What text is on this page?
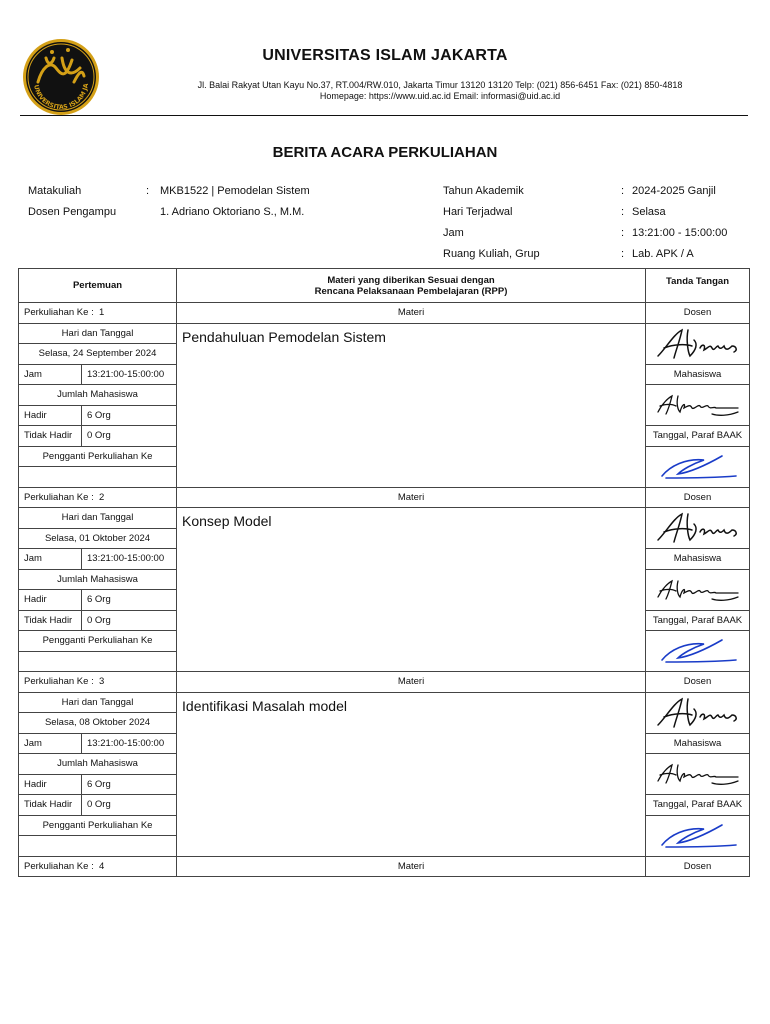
UNIVERSITAS ISLAM JA
UNIVERSITAS ISLAM JAKARTA
Jl. Balai Rakyat Utan Kayu No.37, RT.004/RW.010, Jakarta Timur 13120 13120 Telp: (021) 856-6451 Fax: (021) 850-4818
Homepage: https://www.uid.ac.id Email: informasi@uid.ac.id
BERITA ACARA PERKULIAHAN
Matakuliah	: MKB1522 | Pemodelan Sistem
Dosen Pengampu	1. Adriano Oktoriano S., M.M.
Tahun Akademik	: 2024-2025 Ganjil
Hari Terjadwal	: Selasa
Jam	: 13:21:00 - 15:00:00
Ruang Kuliah, Grup	: Lab. APK / A
Pertemuan		Materi yang diberikan Sesuai dengan
Rencana Pelaksanaan Pembelajaran (RPP)	Tanda Tangan
Perkuliahan Ke : 1		Materi	Dosen
Hari dan Tanggal		Pendahuluan Pemodelan Sistem	

Selasa, 24 September 2024			
Jam	13:21:00-15:00:00		Mahasiswa
Jumlah Mahasiswa	

Hadir	6 Org		
Tidak Hadir	0 Org		Tanggal, Paraf BAAK
Pengganti Perkuliahan Ke	

Perkuliahan Ke : 2		Materi	Dosen
Hari dan Tanggal		Konsep Model	

Selasa, 01 Oktober 2024			
Jam	13:21:00-15:00:00		Mahasiswa
Jumlah Mahasiswa	

Hadir	6 Org		
Tidak Hadir	0 Org		Tanggal, Paraf BAAK
Pengganti Perkuliahan Ke	

Perkuliahan Ke : 3		Materi	Dosen
Hari dan Tanggal		Identifikasi Masalah model	

Selasa, 08 Oktober 2024			
Jam	13:21:00-15:00:00		Mahasiswa
Jumlah Mahasiswa	

Hadir	6 Org		
Tidak Hadir	0 Org		Tanggal, Paraf BAAK
Pengganti Perkuliahan Ke	

Perkuliahan Ke : 4		Materi	Dosen
